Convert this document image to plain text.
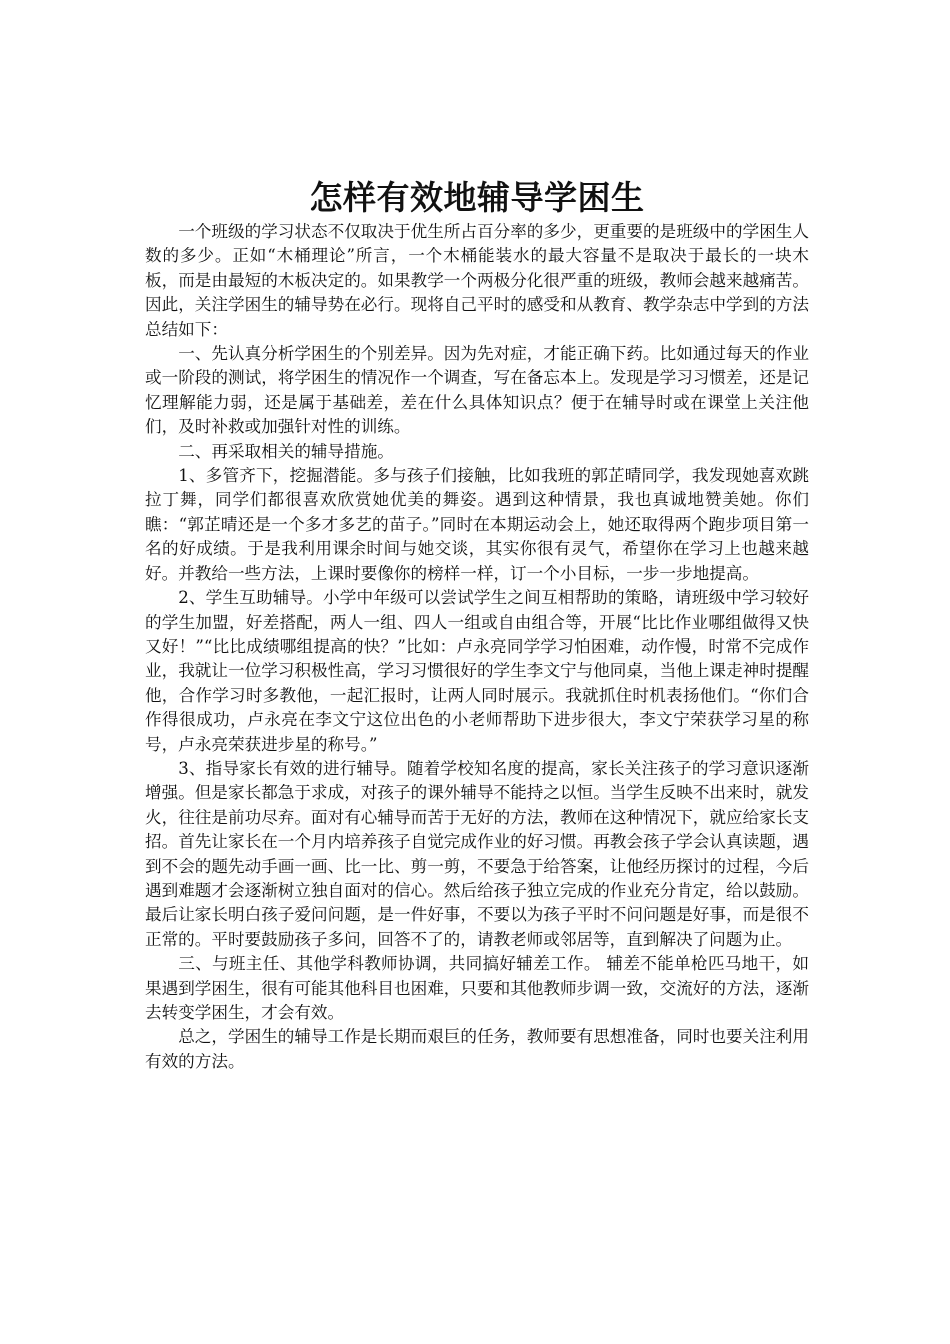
怎样有效地辅导学困生

一个班级的学习状态不仅取决于优生所占百分率的多少，更重要的是班级中的学困生人数的多少。正如“木桶理论”所言，一个木桶能装水的最大容量不是取决于最长的一块木板，而是由最短的木板决定的。如果教学一个两极分化很严重的班级，教师会越来越痛苦。因此，关注学困生的辅导势在必行。现将自己平时的感受和从教育、教学杂志中学到的方法总结如下：

一、先认真分析学困生的个别差异。因为先对症，才能正确下药。比如通过每天的作业或一阶段的测试，将学困生的情况作一个调查，写在备忘本上。发现是学习习惯差，还是记忆理解能力弱，还是属于基础差，差在什么具体知识点？便于在辅导时或在课堂上关注他们，及时补救或加强针对性的训练。

二、再采取相关的辅导措施。

1、多管齐下，挖掘潜能。多与孩子们接触，比如我班的郭芷晴同学，我发现她喜欢跳拉丁舞，同学们都很喜欢欣赏她优美的舞姿。遇到这种情景，我也真诚地赞美她。你们瞧：“郭芷晴还是一个多才多艺的苗子。”同时在本期运动会上，她还取得两个跑步项目第一名的好成绩。于是我利用课余时间与她交谈，其实你很有灵气，希望你在学习上也越来越好。并教给一些方法，上课时要像你的榜样一样，订一个小目标，一步一步地提高。

2、学生互助辅导。小学中年级可以尝试学生之间互相帮助的策略，请班级中学习较好的学生加盟，好差搭配，两人一组、四人一组或自由组合等，开展“比比作业哪组做得又快又好！”“比比成绩哪组提高的快？”比如：卢永亮同学学习怕困难，动作慢，时常不完成作业，我就让一位学习积极性高，学习习惯很好的学生李文宁与他同桌，当他上课走神时提醒他，合作学习时多教他，一起汇报时，让两人同时展示。我就抓住时机表扬他们。“你们合作得很成功，卢永亮在李文宁这位出色的小老师帮助下进步很大，李文宁荣获学习星的称号，卢永亮荣获进步星的称号。”

3、指导家长有效的进行辅导。随着学校知名度的提高，家长关注孩子的学习意识逐渐增强。但是家长都急于求成，对孩子的课外辅导不能持之以恒。当学生反映不出来时，就发火，往往是前功尽弃。面对有心辅导而苦于无好的方法，教师在这种情况下，就应给家长支招。首先让家长在一个月内培养孩子自觉完成作业的好习惯。再教会孩子学会认真读题，遇到不会的题先动手画一画、比一比、剪一剪，不要急于给答案，让他经历探讨的过程，今后遇到难题才会逐渐树立独自面对的信心。然后给孩子独立完成的作业充分肯定，给以鼓励。最后让家长明白孩子爱问问题，是一件好事，不要以为孩子平时不问问题是好事，而是很不正常的。平时要鼓励孩子多问，回答不了的，请教老师或邻居等，直到解决了问题为止。

三、与班主任、其他学科教师协调，共同搞好辅差工作。 辅差不能单枪匹马地干，如果遇到学困生，很有可能其他科目也困难，只要和其他教师步调一致，交流好的方法，逐渐去转变学困生，才会有效。

总之，学困生的辅导工作是长期而艰巨的任务，教师要有思想准备，同时也要关注利用有效的方法。
